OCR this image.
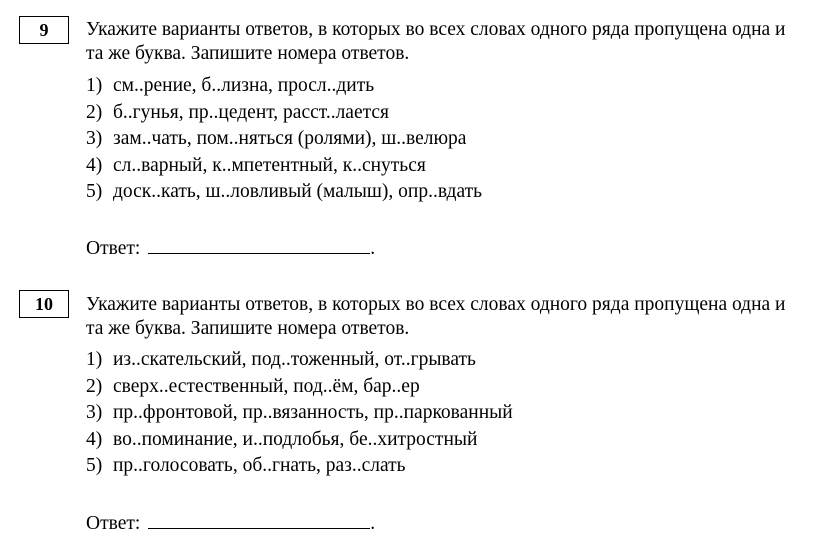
9	Укажите варианты ответов, в которых во всех словах одного ряда пропущена одна и та же буква. Запишите номера ответов.
1) см..рение, б..лизна, просл..дить
2) б..гунья, пр..цедент, расст..лается
3) зам..чать, пом..няться (ролями), ш..велюра
4) сл..варный, к..мпетентный, к..снуться
5) доск..кать, ш..ловливый (малыш), опр..вдать
Ответ:	.
10	Укажите варианты ответов, в которых во всех словах одного ряда пропущена одна и та же буква. Запишите номера ответов.
1) из..скательский, под..тоженный, от..грывать
2) сверх..естественный, под..ём, бар..ер
3) пр..фронтовой, пр..вязанность, пр..паркованный
4) во..поминание, и..подлобья, бе..хитростный
5) пр..голосовать, об..гнать, раз..слать
Ответ:	.
